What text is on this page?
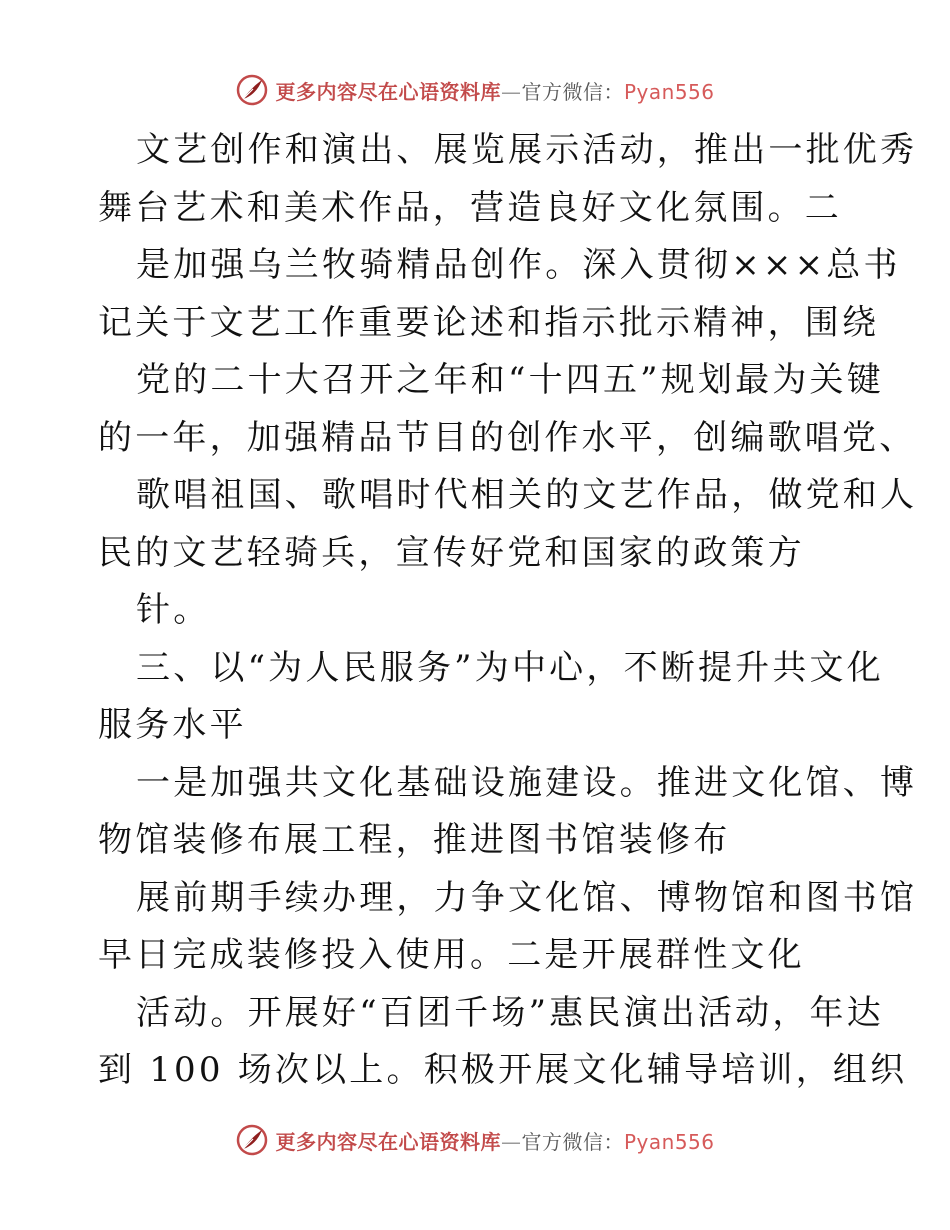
更多内容尽在心语资料库—官方微信：Pyan556
文艺创作和演出、展览展示活动，推出一批优秀
舞台艺术和美术作品，营造良好文化氛围。二
是加强乌兰牧骑精品创作。深入贯彻×××总书
记关于文艺工作重要论述和指示批示精神，围绕
党的二十大召开之年和“十四五”规划最为关键
的一年，加强精品节目的创作水平，创编歌唱党、
歌唱祖国、歌唱时代相关的文艺作品，做党和人
民的文艺轻骑兵，宣传好党和国家的政策方
针。
三、以“为人民服务”为中心，不断提升共文化
服务水平
一是加强共文化基础设施建设。推进文化馆、博
物馆装修布展工程，推进图书馆装修布
展前期手续办理，力争文化馆、博物馆和图书馆
早日完成装修投入使用。二是开展群性文化
活动。开展好“百团千场”惠民演出活动，年达
到 100 场次以上。积极开展文化辅导培训，组织
更多内容尽在心语资料库—官方微信：Pyan556
